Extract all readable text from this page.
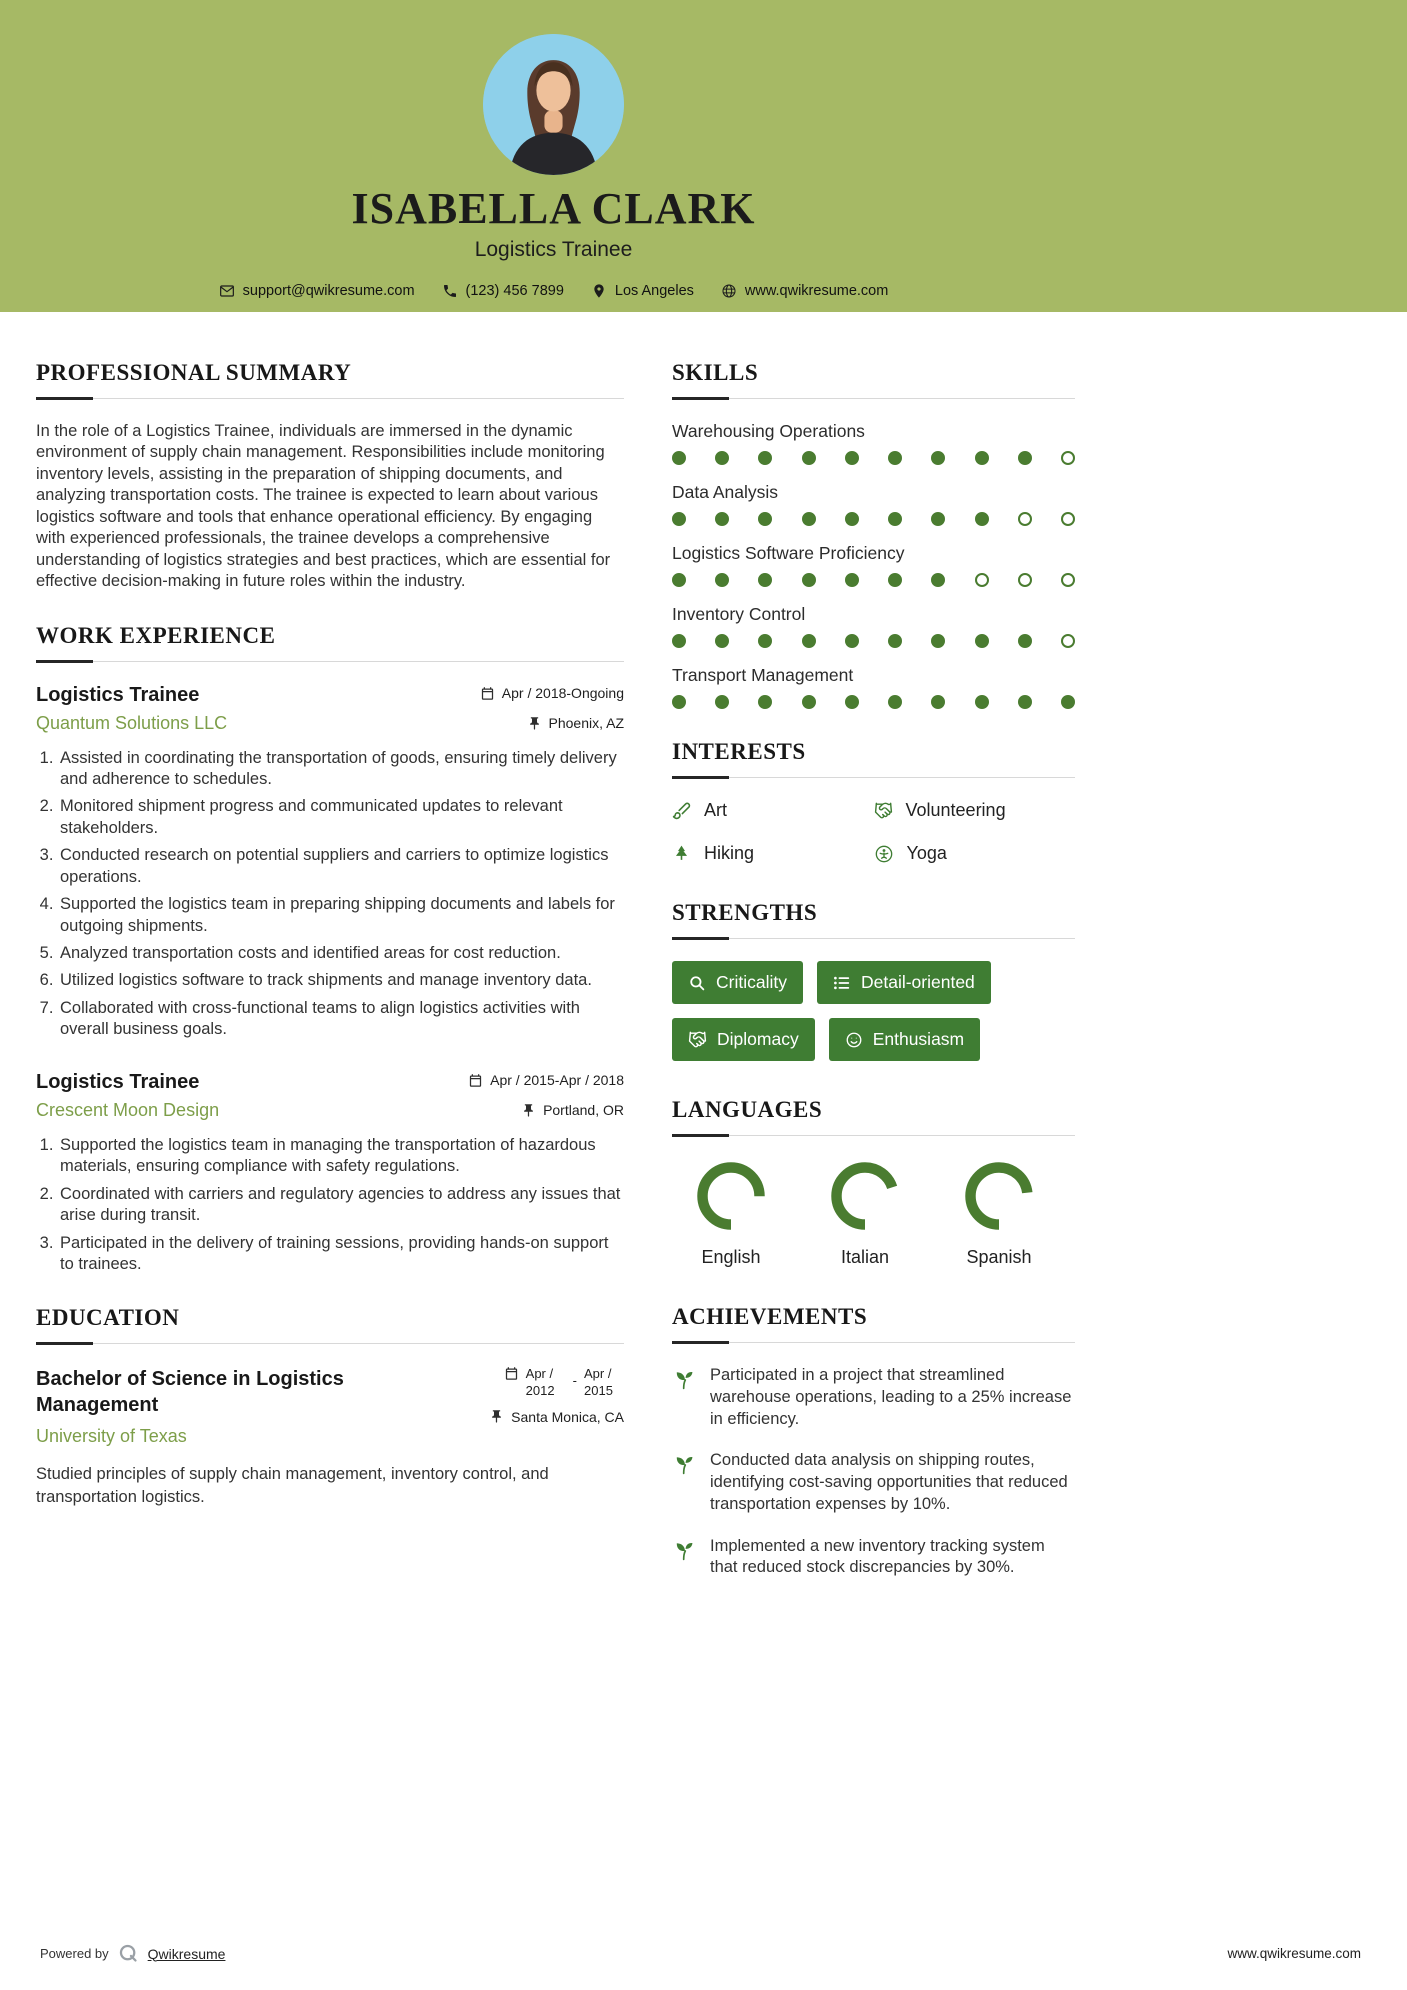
ISABELLA CLARK
Logistics Trainee
support@qwikresume.com	(123) 456 7899	Los Angeles	www.qwikresume.com
PROFESSIONAL SUMMARY

In the role of a Logistics Trainee, individuals are immersed in the dynamic environment of supply chain management. Responsibilities include monitoring inventory levels, assisting in the preparation of shipping documents, and analyzing transportation costs. The trainee is expected to learn about various logistics software and tools that enhance operational efficiency. By engaging with experienced professionals, the trainee develops a comprehensive understanding of logistics strategies and best practices, which are essential for effective decision-making in future roles within the industry.

WORK EXPERIENCE
Logistics Trainee	Apr / 2018-Ongoing
Quantum Solutions LLC	Phoenix, AZ
1. Assisted in coordinating the transportation of goods, ensuring timely delivery and adherence to schedules.
2. Monitored shipment progress and communicated updates to relevant stakeholders.
3. Conducted research on potential suppliers and carriers to optimize logistics operations.
4. Supported the logistics team in preparing shipping documents and labels for outgoing shipments.
5. Analyzed transportation costs and identified areas for cost reduction.
6. Utilized logistics software to track shipments and manage inventory data.
7. Collaborated with cross-functional teams to align logistics activities with overall business goals.
Logistics Trainee	Apr / 2015-Apr / 2018
Crescent Moon Design	Portland, OR
1. Supported the logistics team in managing the transportation of hazardous materials, ensuring compliance with safety regulations.
2. Coordinated with carriers and regulatory agencies to address any issues that arise during transit.
3. Participated in the delivery of training sessions, providing hands-on support to trainees.
EDUCATION
Bachelor of Science in Logistics Management
University of Texas
Apr / 2012
- Apr / 2015
Santa Monica, CA

Studied principles of supply chain management, inventory control, and transportation logistics.

SKILLS
Warehousing Operations
Data Analysis
Logistics Software Proficiency
Inventory Control
Transport Management
INTERESTS
Art	Volunteering
Hiking	Yoga
STRENGTHS
Criticality	Detail-oriented
Diplomacy	Enthusiasm
LANGUAGES
English	Italian	Spanish
ACHIEVEMENTS
Participated in a project that streamlined warehouse operations, leading to a 25% increase in efficiency.
Conducted data analysis on shipping routes, identifying cost-saving opportunities that reduced transportation expenses by 10%.
Implemented a new inventory tracking system that reduced stock discrepancies by 30%.
Powered by	Qwikresume	www.qwikresume.com
